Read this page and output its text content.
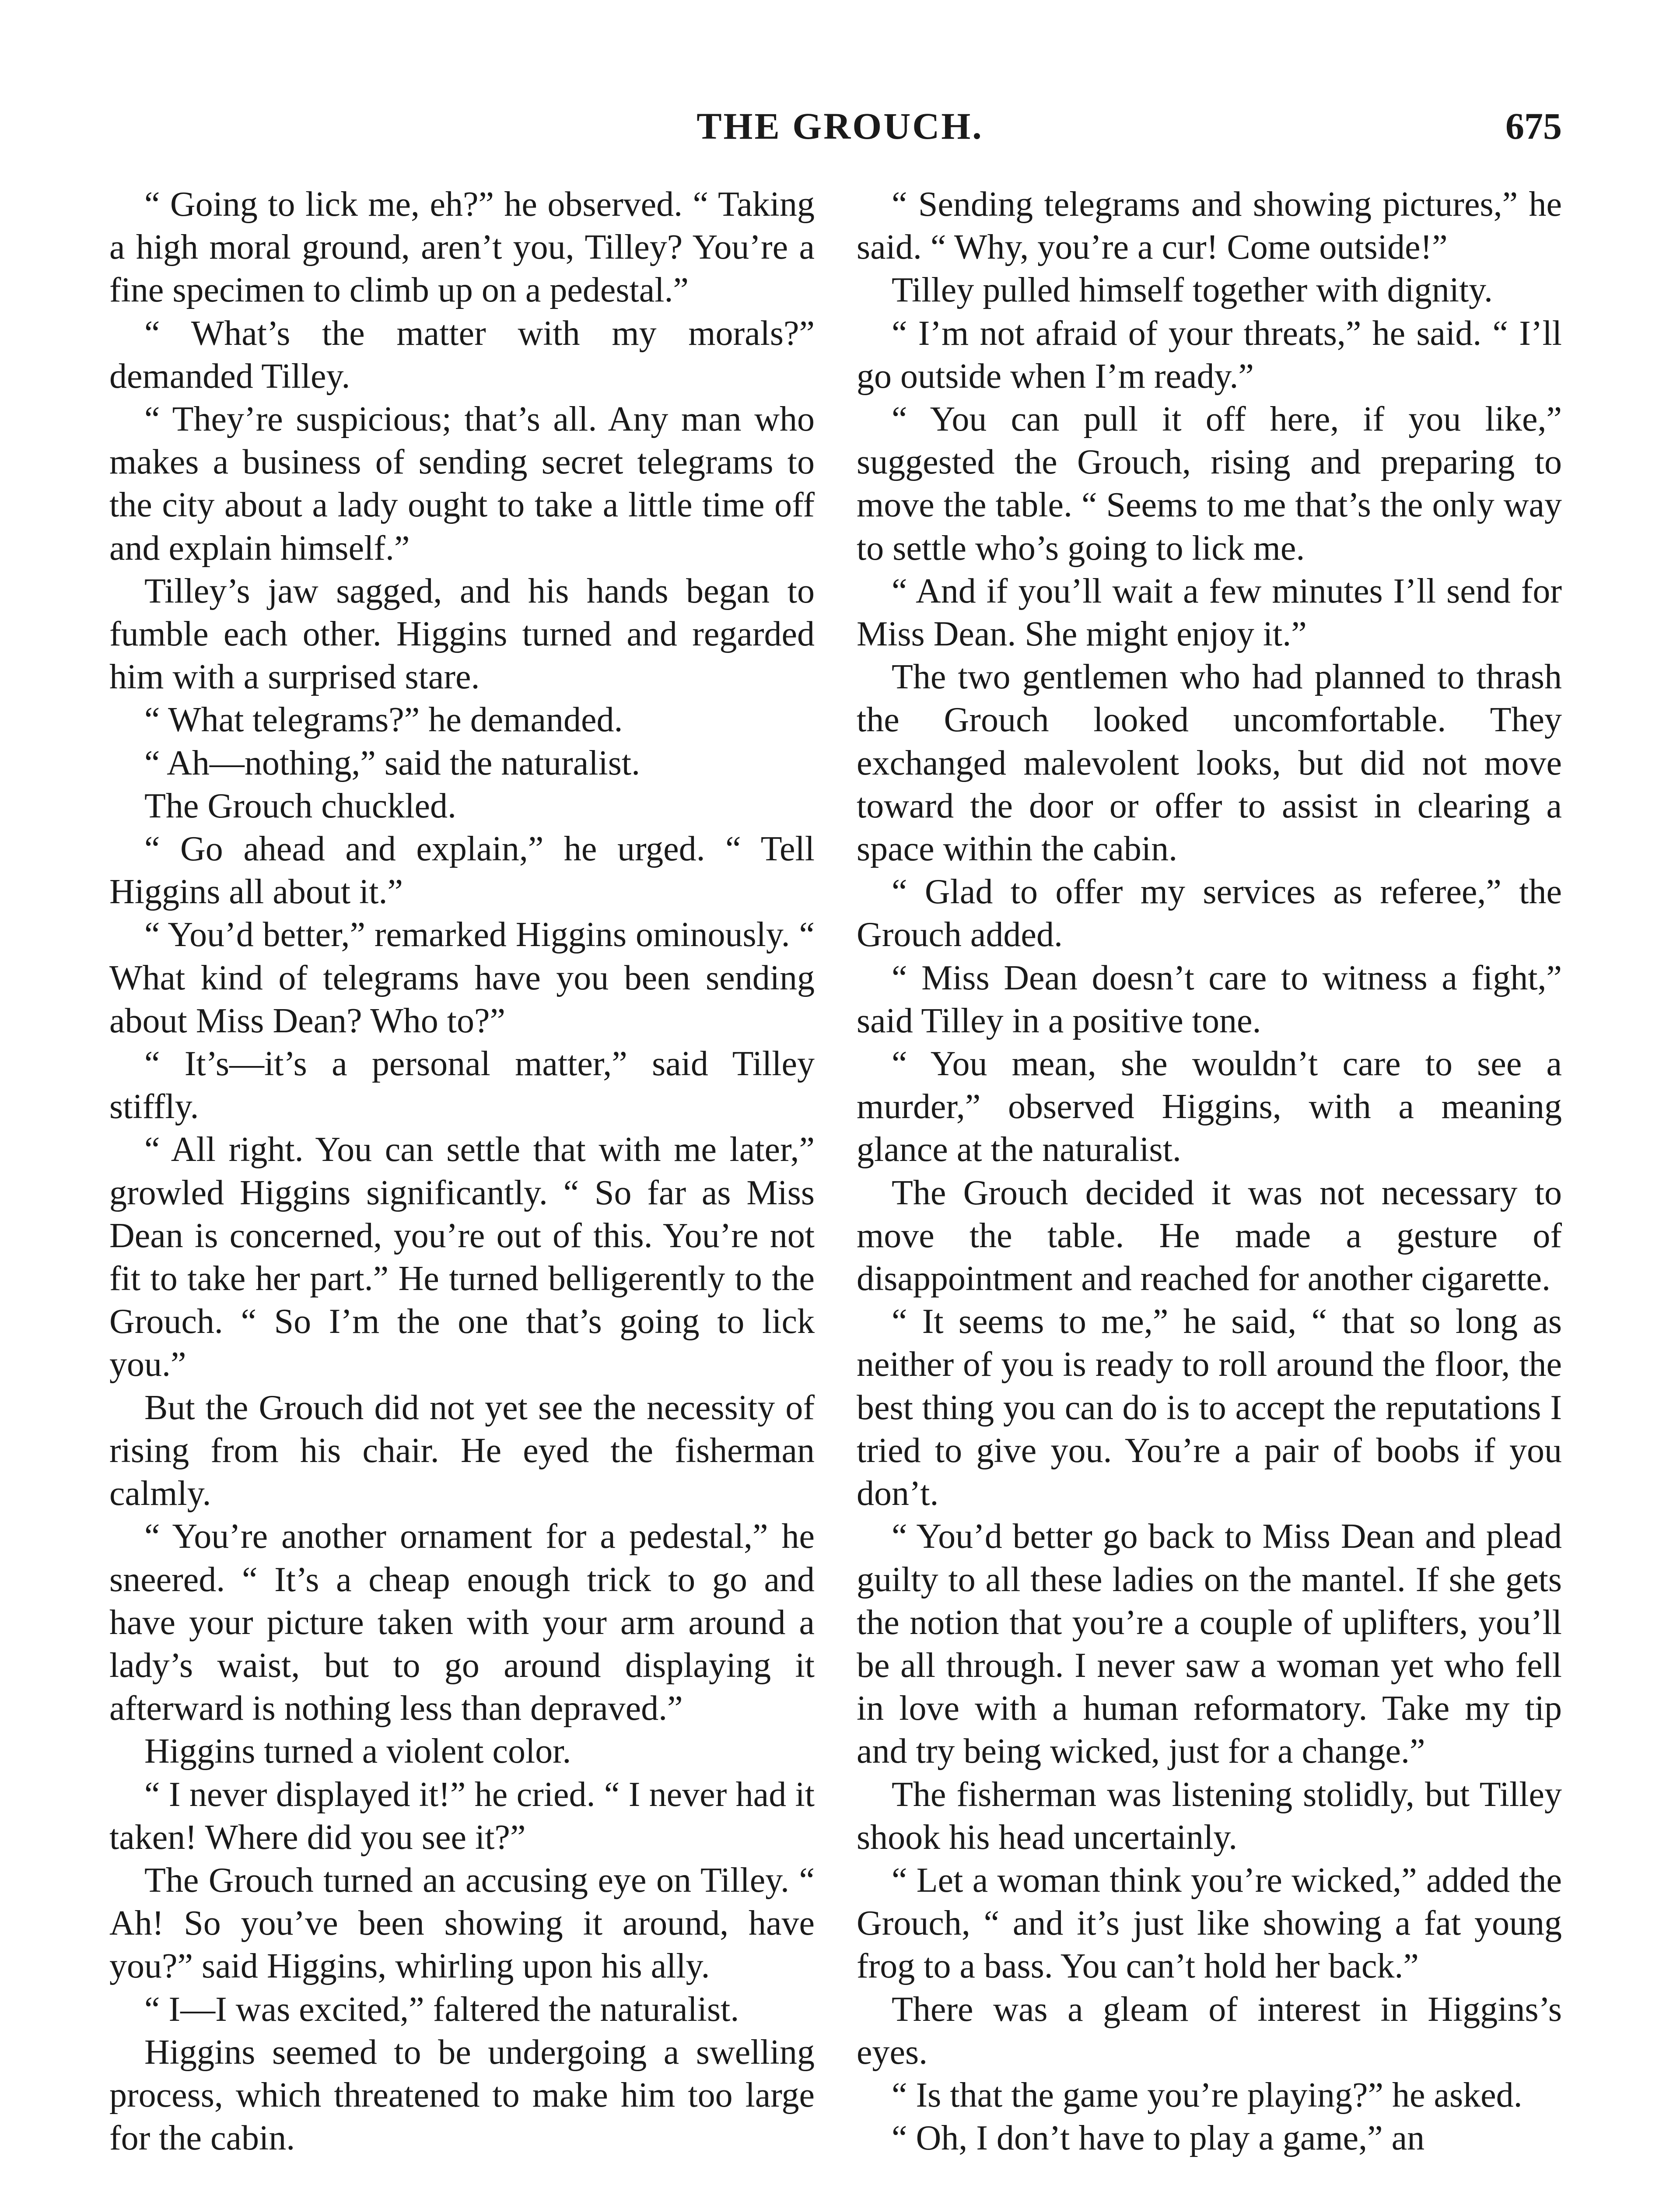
THE GROUCH.	675

“ Going to lick me, eh?” he observed. “ Taking a high moral ground, aren’t you, Tilley? You’re a fine specimen to climb up on a pedestal.”

“ What’s the matter with my morals?” demanded Tilley.

“ They’re suspicious; that’s all. Any man who makes a business of sending secret telegrams to the city about a lady ought to take a little time off and explain himself.”

Tilley’s jaw sagged, and his hands began to fumble each other. Higgins turned and regarded him with a surprised stare.

“ What telegrams?” he demanded.

“ Ah—nothing,” said the naturalist.

The Grouch chuckled.

“ Go ahead and explain,” he urged. “ Tell Higgins all about it.”

“ You’d better,” remarked Higgins ominously. “ What kind of telegrams have you been sending about Miss Dean? Who to?”

“ It’s—it’s a personal matter,” said Tilley stiffly.

“ All right. You can settle that with me later,” growled Higgins significantly. “ So far as Miss Dean is concerned, you’re out of this. You’re not fit to take her part.” He turned belligerently to the Grouch. “ So I’m the one that’s going to lick you.”

But the Grouch did not yet see the necessity of rising from his chair. He eyed the fisherman calmly.

“ You’re another ornament for a pedestal,” he sneered. “ It’s a cheap enough trick to go and have your picture taken with your arm around a lady’s waist, but to go around displaying it afterward is nothing less than depraved.”

Higgins turned a violent color.

“ I never displayed it!” he cried. “ I never had it taken! Where did you see it?”

The Grouch turned an accusing eye on Tilley. “ Ah! So you’ve been showing it around, have you?” said Higgins, whirling upon his ally.

“ I—I was excited,” faltered the naturalist.

Higgins seemed to be undergoing a swelling process, which threatened to make him too large for the cabin.

“ Sending telegrams and showing pictures,” he said. “ Why, you’re a cur! Come outside!”

Tilley pulled himself together with dignity.

“ I’m not afraid of your threats,” he said. “ I’ll go outside when I’m ready.”

“ You can pull it off here, if you like,” suggested the Grouch, rising and preparing to move the table. “ Seems to me that’s the only way to settle who’s going to lick me.

“ And if you’ll wait a few minutes I’ll send for Miss Dean. She might enjoy it.”

The two gentlemen who had planned to thrash the Grouch looked uncomfortable. They exchanged malevolent looks, but did not move toward the door or offer to assist in clearing a space within the cabin.

“ Glad to offer my services as referee,” the Grouch added.

“ Miss Dean doesn’t care to witness a fight,” said Tilley in a positive tone.

“ You mean, she wouldn’t care to see a murder,” observed Higgins, with a meaning glance at the naturalist.

The Grouch decided it was not necessary to move the table. He made a gesture of disappointment and reached for another cigarette.

“ It seems to me,” he said, “ that so long as neither of you is ready to roll around the floor, the best thing you can do is to accept the reputations I tried to give you. You’re a pair of boobs if you don’t.

“ You’d better go back to Miss Dean and plead guilty to all these ladies on the mantel. If she gets the notion that you’re a couple of uplifters, you’ll be all through. I never saw a woman yet who fell in love with a human reformatory. Take my tip and try being wicked, just for a change.”

The fisherman was listening stolidly, but Tilley shook his head uncertainly.

“ Let a woman think you’re wicked,” added the Grouch, “ and it’s just like showing a fat young frog to a bass. You can’t hold her back.”

There was a gleam of interest in Higgins’s eyes.

“ Is that the game you’re playing?” he asked.

“ Oh, I don’t have to play a game,” an
